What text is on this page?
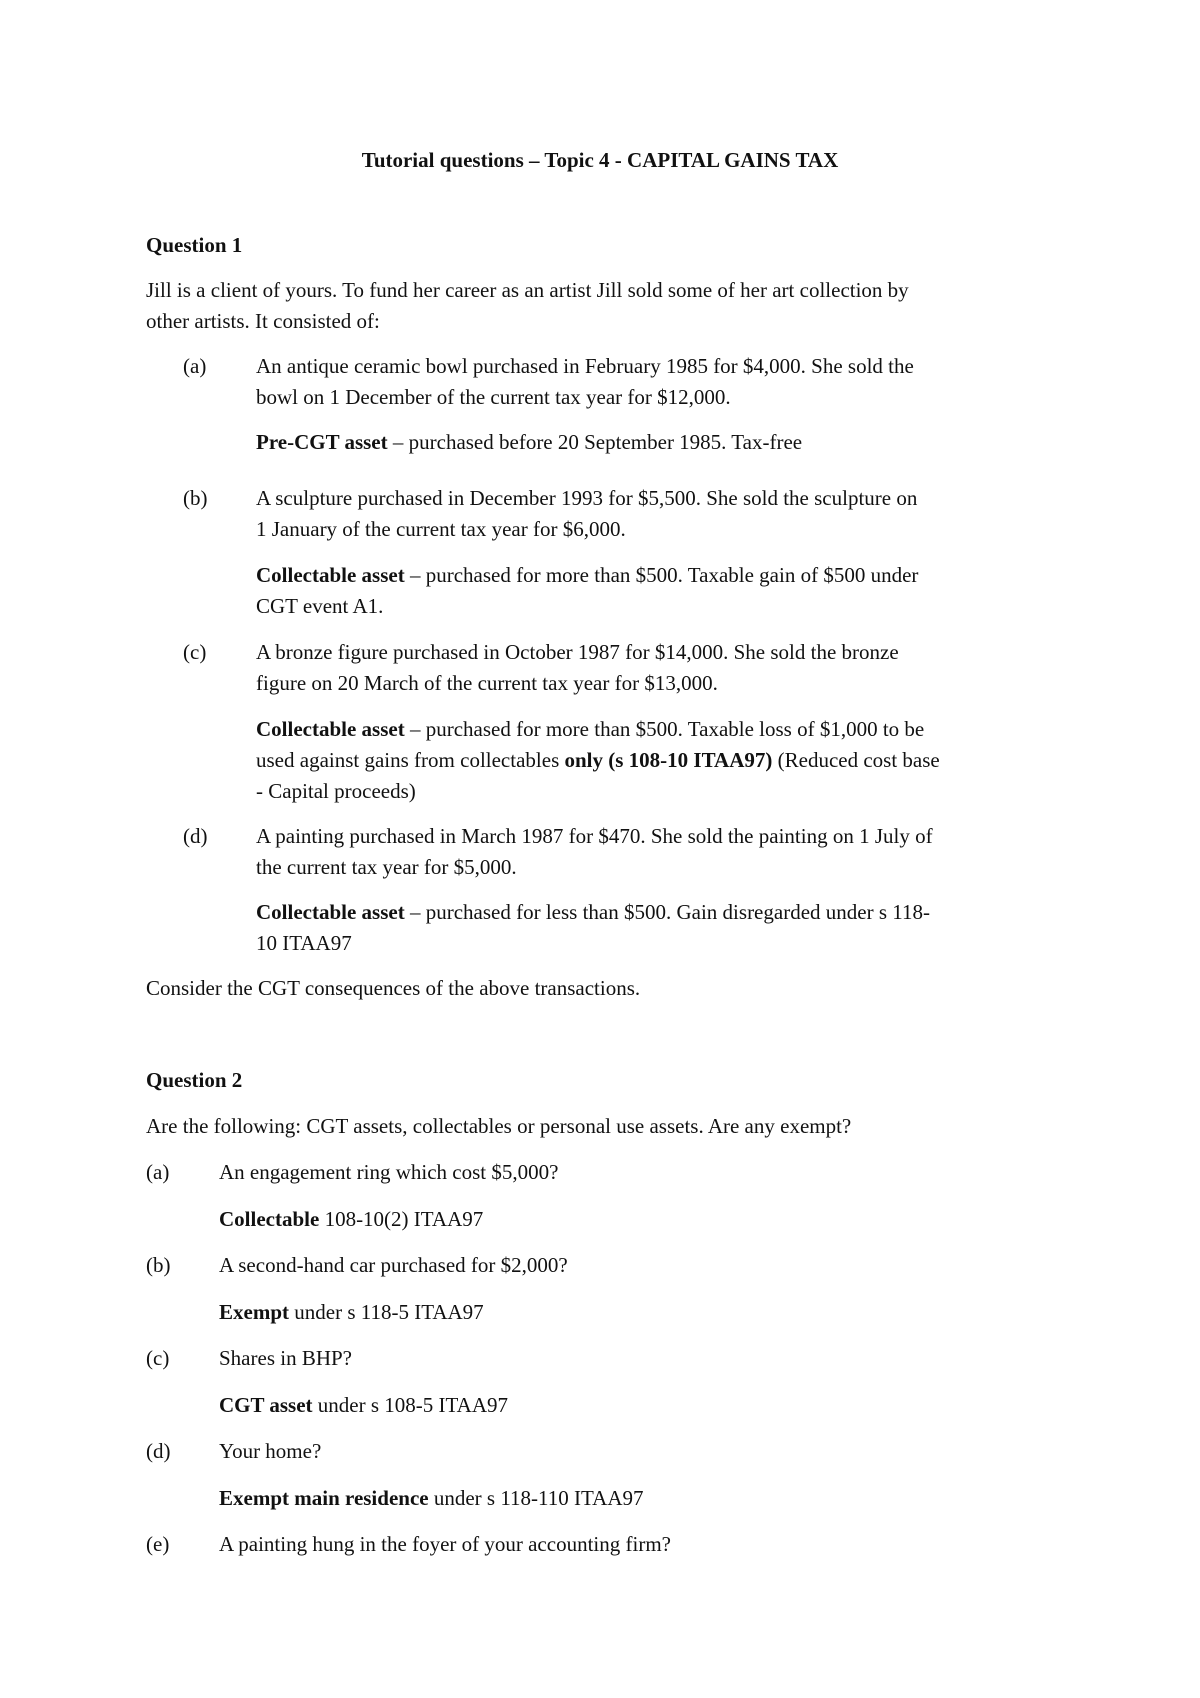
Tutorial questions – Topic 4 - CAPITAL GAINS TAX
Question 1
Jill is a client of yours. To fund her career as an artist Jill sold some of her art collection by
other artists. It consisted of:
(a) An antique ceramic bowl purchased in February 1985 for $4,000. She sold the
bowl on 1 December of the current tax year for $12,000.
Pre-CGT asset – purchased before 20 September 1985. Tax-free
(b) A sculpture purchased in December 1993 for $5,500. She sold the sculpture on
1 January of the current tax year for $6,000.
Collectable asset – purchased for more than $500. Taxable gain of $500 under
CGT event A1.
(c) A bronze figure purchased in October 1987 for $14,000. She sold the bronze
figure on 20 March of the current tax year for $13,000.
Collectable asset – purchased for more than $500. Taxable loss of $1,000 to be
used against gains from collectables only (s 108-10 ITAA97) (Reduced cost base
- Capital proceeds)
(d) A painting purchased in March 1987 for $470. She sold the painting on 1 July of
the current tax year for $5,000.
Collectable asset – purchased for less than $500. Gain disregarded under s 118-
10 ITAA97
Consider the CGT consequences of the above transactions.
Question 2
Are the following: CGT assets, collectables or personal use assets. Are any exempt?
(a) An engagement ring which cost $5,000?
Collectable 108-10(2) ITAA97
(b) A second-hand car purchased for $2,000?
Exempt under s 118-5 ITAA97
(c) Shares in BHP?
CGT asset under s 108-5 ITAA97
(d) Your home?
Exempt main residence under s 118-110 ITAA97
(e) A painting hung in the foyer of your accounting firm?
